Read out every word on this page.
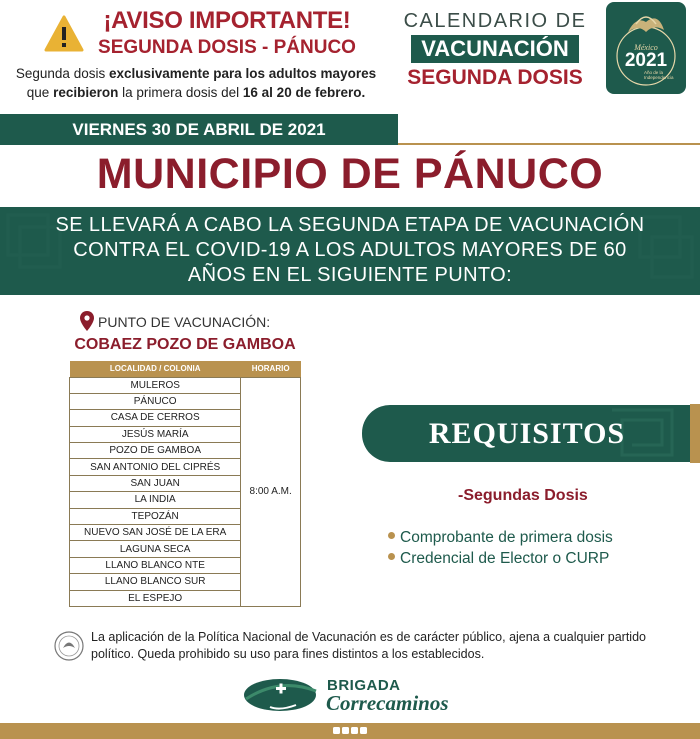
¡AVISO IMPORTANTE!
SEGUNDA DOSIS - PÁNUCO
Segunda dosis exclusivamente para los adultos mayores
que recibieron la primera dosis del 16 al 20 de febrero.
CALENDARIO DE
VACUNACIÓN
SEGUNDA DOSIS
México
2021
Año de la Independencia
VIERNES 30 DE ABRIL DE 2021
MUNICIPIO DE PÁNUCO
SE LLEVARÁ A CABO LA SEGUNDA ETAPA DE VACUNACIÓN
CONTRA EL COVID-19 A LOS ADULTOS MAYORES DE 60
AÑOS EN EL SIGUIENTE PUNTO:
PUNTO DE VACUNACIÓN:
COBAEZ POZO DE GAMBOA
LOCALIDAD / COLONIA	HORARIO
MULEROS	8:00 A.M.
PÁNUCO	
CASA DE CERROS	
JESÚS MARÍA	
POZO DE GAMBOA	
SAN ANTONIO DEL CIPRÉS	
SAN JUAN	
LA INDIA	
TEPOZÁN	
NUEVO SAN JOSÉ DE LA ERA	
LAGUNA SECA	
LLANO BLANCO NTE	
LLANO BLANCO SUR	
EL ESPEJO	
REQUISITOS
-Segundas Dosis
Comprobante de primera dosis
Credencial de Elector o CURP
La aplicación de la Política Nacional de Vacunación es de carácter público, ajena a cualquier partido político. Queda prohibido su uso para fines distintos a los establecidos.
BRIGADA
Correcaminos
